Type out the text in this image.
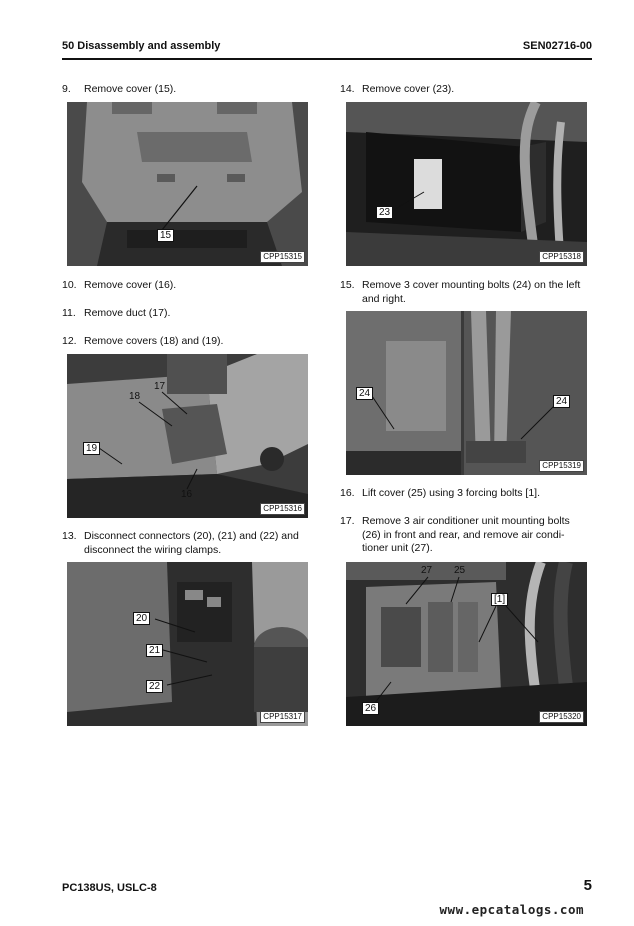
50 Disassembly and assembly	SEN02716-00
9. Remove cover (15).
15
CPP15315
10. Remove cover (16).
11. Remove duct (17).
12. Remove covers (18) and (19).
17
18
19
16
CPP15316
13. Disconnect connectors (20), (21) and (22) and
disconnect the wiring clamps.
20
21
22
CPP15317
14. Remove cover (23).
23
CPP15318
15. Remove 3 cover mounting bolts (24) on the left
and right.
24
24
CPP15319
16. Lift cover (25) using 3 forcing bolts [1].
17. Remove 3 air conditioner unit mounting bolts
(26) in front and rear, and remove air condi-
tioner unit (27).
27 25
[1]
26
CPP15320
PC138US, USLC-8	5
www.epcatalogs.com
